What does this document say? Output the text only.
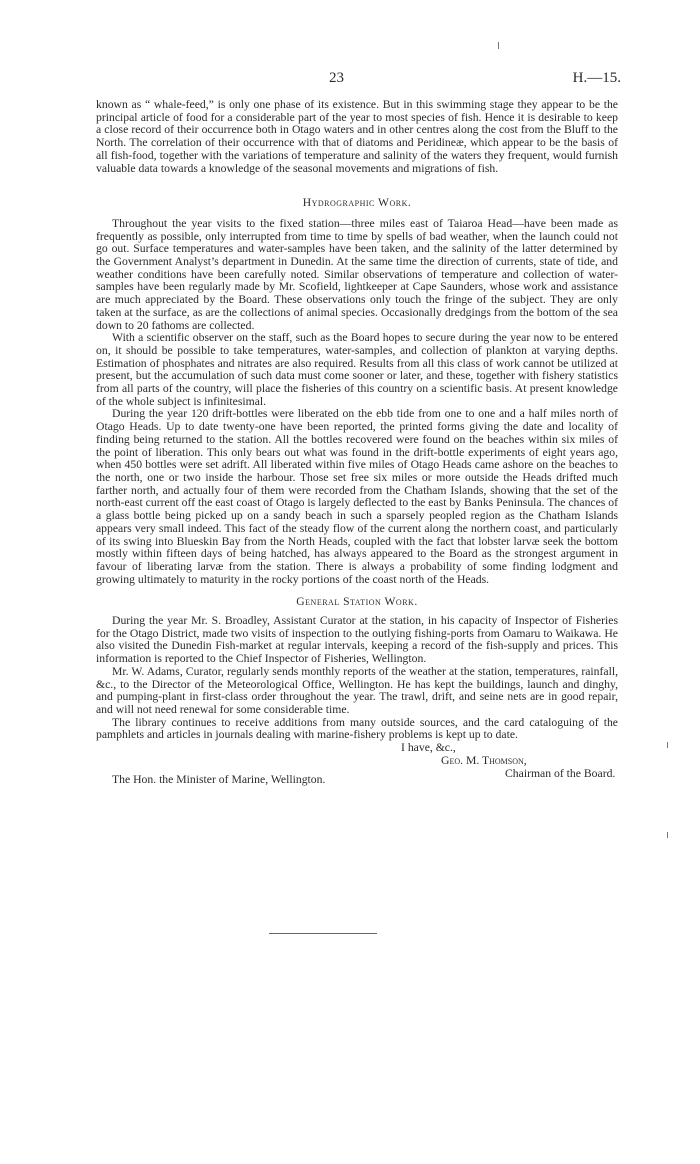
23	H.—15.

known as “ whale-feed,” is only one phase of its existence. But in this swimming stage they appear to be the principal article of food for a considerable part of the year to most species of fish. Hence it is desirable to keep a close record of their occurrence both in Otago waters and in other centres along the cost from the Bluff to the North. The correlation of their occurrence with that of diatoms and Peridineæ, which appear to be the basis of all fish-food, together with the variations of temperature and salinity of the waters they frequent, would furnish valuable data towards a knowledge of the seasonal movements and migrations of fish.

Hydrographic Work.

Throughout the year visits to the fixed station—three miles east of Taiaroa Head—have been made as frequently as possible, only interrupted from time to time by spells of bad weather, when the launch could not go out. Surface temperatures and water-samples have been taken, and the salinity of the latter determined by the Government Analyst’s department in Dunedin. At the same time the direction of currents, state of tide, and weather conditions have been carefully noted. Similar observations of temperature and collection of water-samples have been regularly made by Mr. Scofield, lightkeeper at Cape Saunders, whose work and assistance are much appreciated by the Board. These observations only touch the fringe of the subject. They are only taken at the surface, as are the collections of animal species. Occasionally dredgings from the bottom of the sea down to 20 fathoms are collected.

With a scientific observer on the staff, such as the Board hopes to secure during the year now to be entered on, it should be possible to take temperatures, water-samples, and collection of plankton at varying depths. Estimation of phosphates and nitrates are also required. Results from all this class of work cannot be utilized at present, but the accumulation of such data must come sooner or later, and these, together with fishery statistics from all parts of the country, will place the fisheries of this country on a scientific basis. At present knowledge of the whole subject is infinitesimal.

During the year 120 drift-bottles were liberated on the ebb tide from one to one and a half miles north of Otago Heads. Up to date twenty-one have been reported, the printed forms giving the date and locality of finding being returned to the station. All the bottles recovered were found on the beaches within six miles of the point of liberation. This only bears out what was found in the drift-bottle experiments of eight years ago, when 450 bottles were set adrift. All liberated within five miles of Otago Heads came ashore on the beaches to the north, one or two inside the harbour. Those set free six miles or more outside the Heads drifted much farther north, and actually four of them were recorded from the Chatham Islands, showing that the set of the north-east current off the east coast of Otago is largely deflected to the east by Banks Peninsula. The chances of a glass bottle being picked up on a sandy beach in such a sparsely peopled region as the Chatham Islands appears very small indeed. This fact of the steady flow of the current along the northern coast, and particularly of its swing into Blueskin Bay from the North Heads, coupled with the fact that lobster larvæ seek the bottom mostly within fifteen days of being hatched, has always appeared to the Board as the strongest argument in favour of liberating larvæ from the station. There is always a probability of some finding lodgment and growing ultimately to maturity in the rocky portions of the coast north of the Heads.

General Station Work.

During the year Mr. S. Broadley, Assistant Curator at the station, in his capacity of Inspector of Fisheries for the Otago District, made two visits of inspection to the outlying fishing-ports from Oamaru to Waikawa. He also visited the Dunedin Fish-market at regular intervals, keeping a record of the fish-supply and prices. This information is reported to the Chief Inspector of Fisheries, Wellington.

Mr. W. Adams, Curator, regularly sends monthly reports of the weather at the station, temperatures, rainfall, &c., to the Director of the Meteorological Office, Wellington. He has kept the buildings, launch and dinghy, and pumping-plant in first-class order throughout the year. The trawl, drift, and seine nets are in good repair, and will not need renewal for some considerable time.

The library continues to receive additions from many outside sources, and the card cataloguing of the pamphlets and articles in journals dealing with marine-fishery problems is kept up to date.

I have, &c.,
Geo. M. Thomson,
Chairman of the Board.
The Hon. the Minister of Marine, Wellington.
